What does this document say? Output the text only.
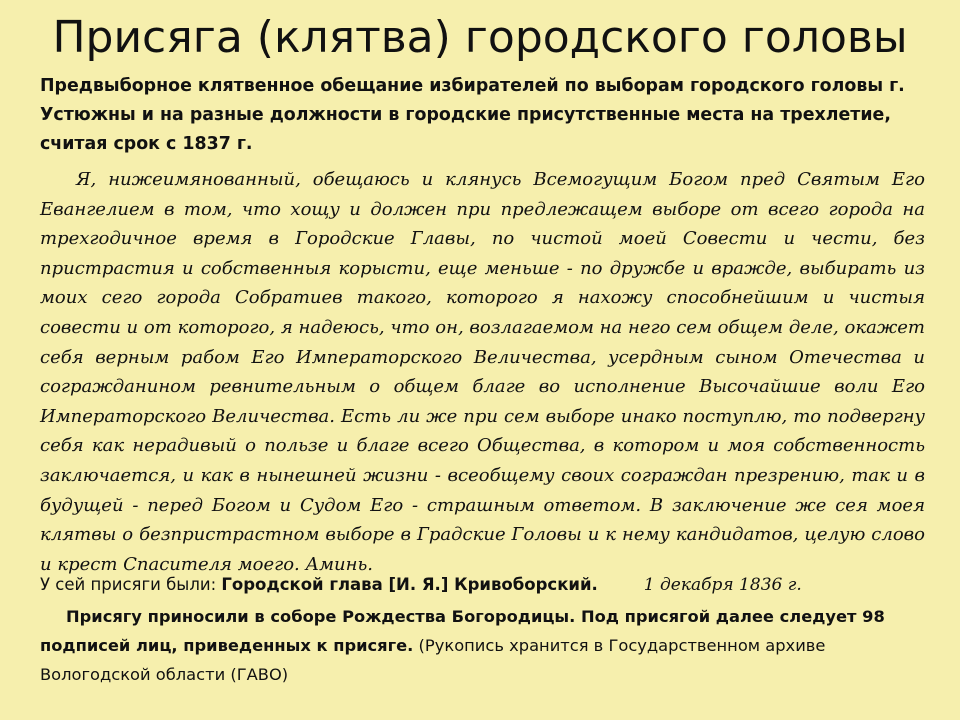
Присяга (клятва) городского головы
Предвыборное клятвенное обещание избирателей по выборам городского головы г. Устюжны и на разные должности в городские присутственные места на трехлетие, считая срок с 1837 г.
Я, нижеимянованный, обещаюсь и клянусь Всемогущим Богом пред Святым Его Евангелием в том, что хощу и должен при предлежащем выборе от всего города на трехгодичное время в Городские Главы, по чистой моей Совести и чести, без пристрастия и собственныя корысти, еще меньше - по дружбе и вражде, выбирать из моих сего города Собратиев такого, которого я нахожу способнейшим и чистыя совести и от которого, я надеюсь, что он, возлагаемом на него сем общем деле, окажет себя верным рабом Его Императорского Величества, усердным сыном Отечества и согражданином ревнительным о общем благе во исполнение Высочайшие воли Его Императорского Величества. Есть ли же при сем выборе инако поступлю, то подвергну себя как нерадивый о пользе и благе всего Общества, в котором и моя собственность заключается, и как в нынешней жизни - всеобщему своих сограждан презрению, так и в будущей - перед Богом и Судом Его - страшным ответом. В заключение же сея моея клятвы о безпристрастном выборе в Градские Головы и к нему кандидатов, целую слово и крест Спасителя моего. Аминь.
У сей присяги были: Городской глава [И. Я.] Кривоборский.	1 декабря 1836 г.
Присягу приносили в соборе Рождества Богородицы. Под присягой далее следует 98 подписей лиц, приведенных к присяге. (Рукопись хранится в Государственном архиве Вологодской области (ГАВО)
